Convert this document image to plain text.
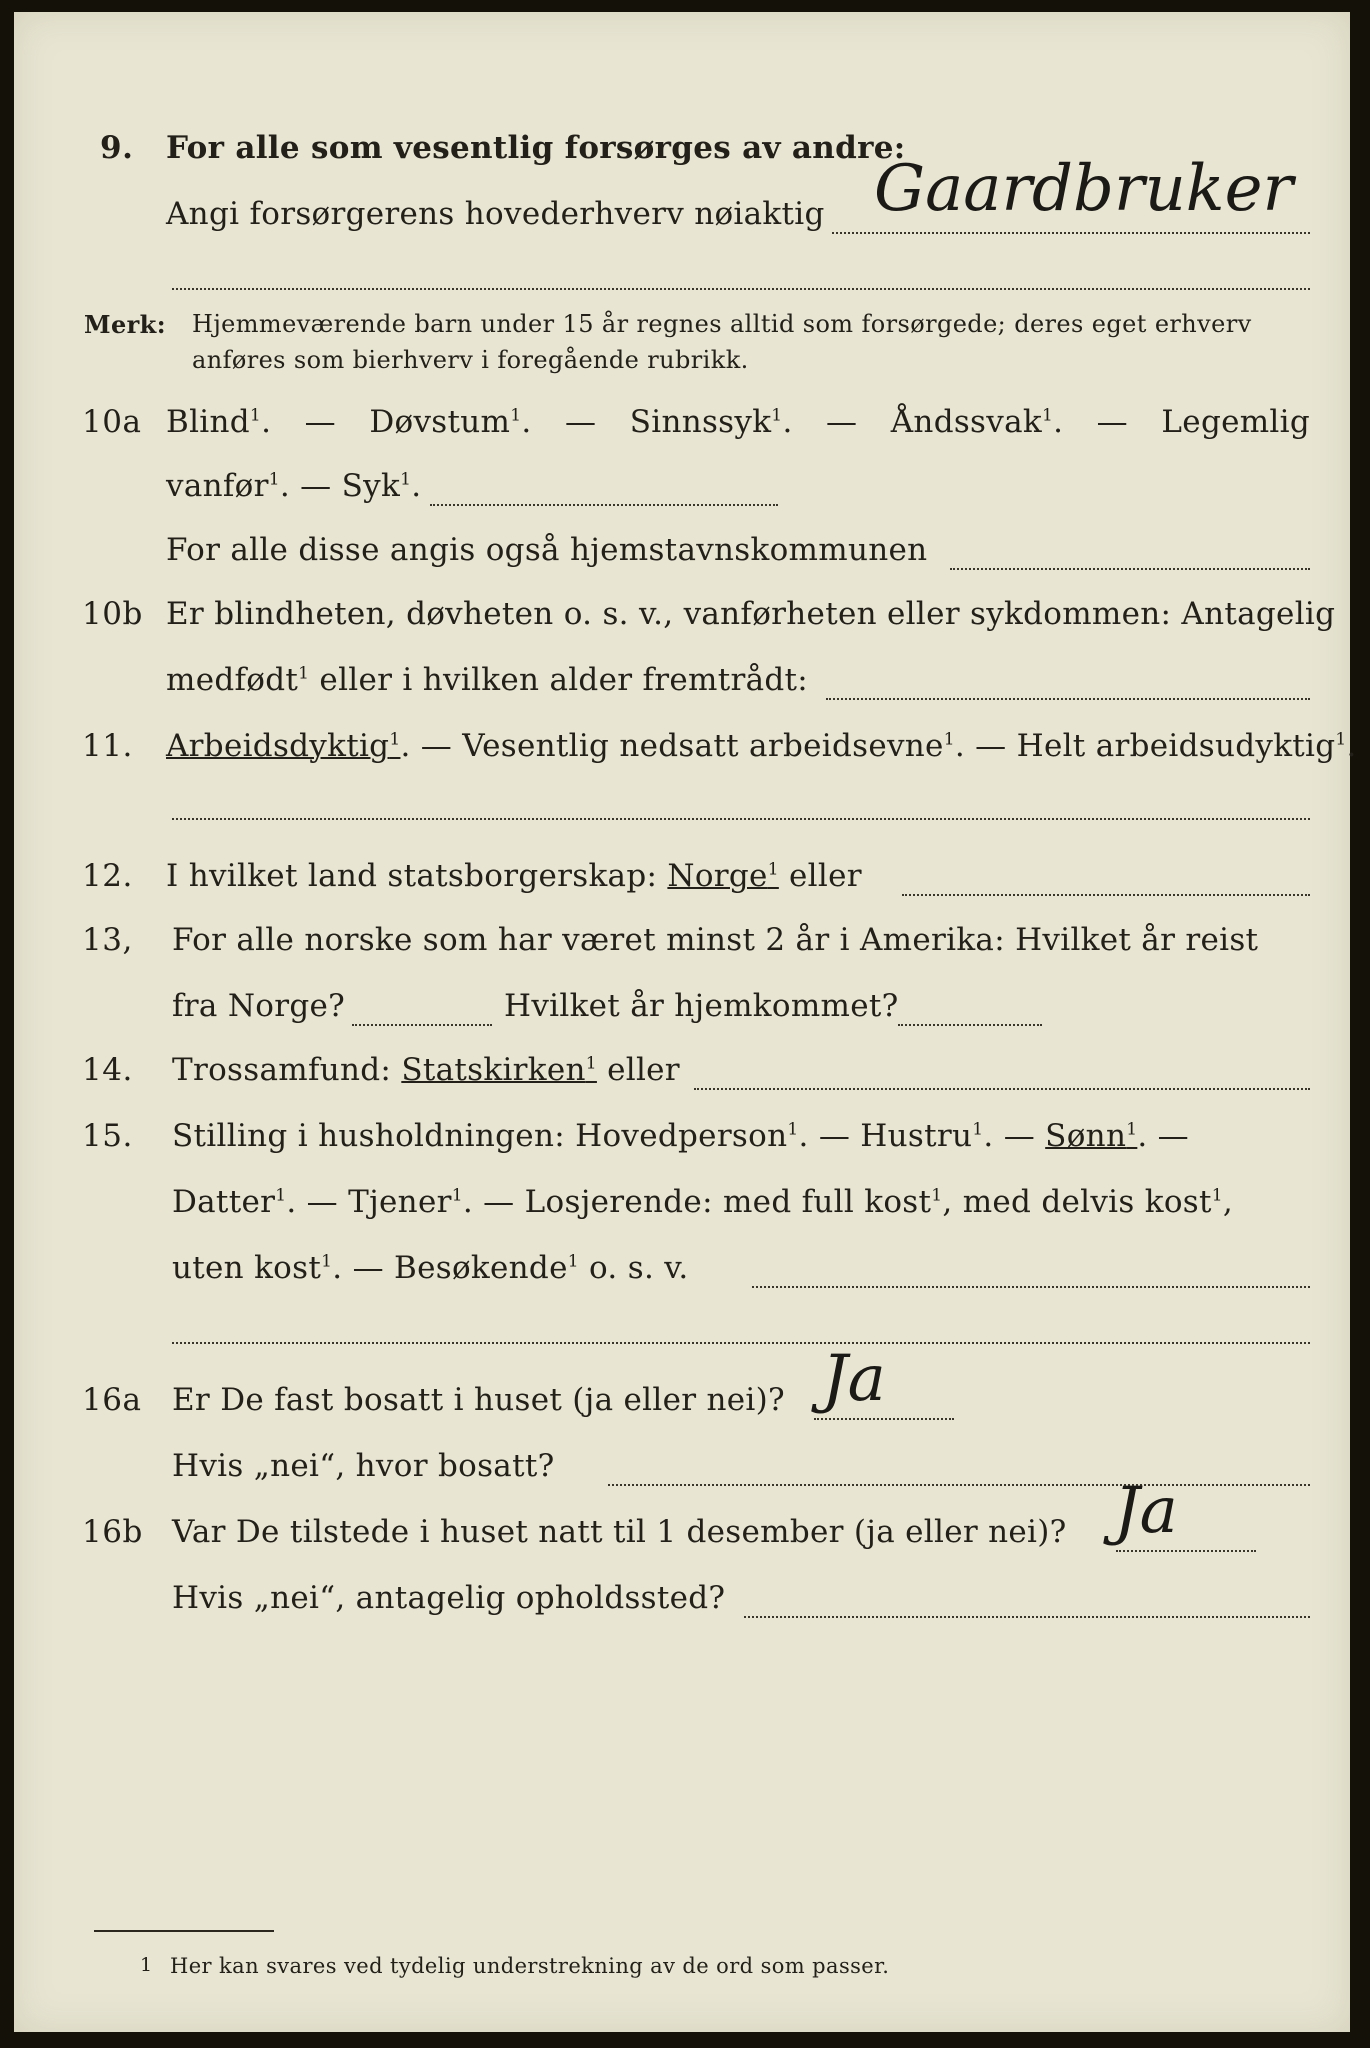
9. For alle som vesentlig forsørges av andre:
Angi forsørgerens hovederhverv nøiaktig Gaardbruker
Merk: Hjemmeværende barn under 15 år regnes alltid som forsørgede; deres eget erhverv
anføres som bierhverv i foregående rubrikk.
10a Blind$^1$. — Døvstum$^1$. — Sinnssyk$^1$. — Åndssvak$^1$. — Legemlig
vanfør$^1$. — Syk$^1$.
For alle disse angis også hjemstavnskommunen
10b Er blindheten, døvheten o. s. v., vanførheten eller sykdommen: Antagelig
medfødt$^1$ eller i hvilken alder fremtrådt:
11. Arbeidsdyktig$^1$. — Vesentlig nedsatt arbeidsevne$^1$. — Helt arbeidsudyktig$^1$.
12. I hvilket land statsborgerskap: Norge$^1$ eller
13, For alle norske som har været minst 2 år i Amerika: Hvilket år reist
fra Norge?	Hvilket år hjemkommet?
14. Trossamfund: Statskirken$^1$ eller
15. Stilling i husholdningen: Hovedperson$^1$. — Hustru$^1$. — Sønn$^1$. —
Datter$^1$. — Tjener$^1$. — Losjerende: med full kost$^1$, med delvis kost$^1$,
uten kost$^1$. — Besøkende$^1$ o. s. v.
16a Er De fast bosatt i huset (ja eller nei)? Ja
Hvis „nei“, hvor bosatt?
16b Var De tilstede i huset natt til 1 desember (ja eller nei)? Ja
Hvis „nei“, antagelig opholdssted?
1 Her kan svares ved tydelig understrekning av de ord som passer.
